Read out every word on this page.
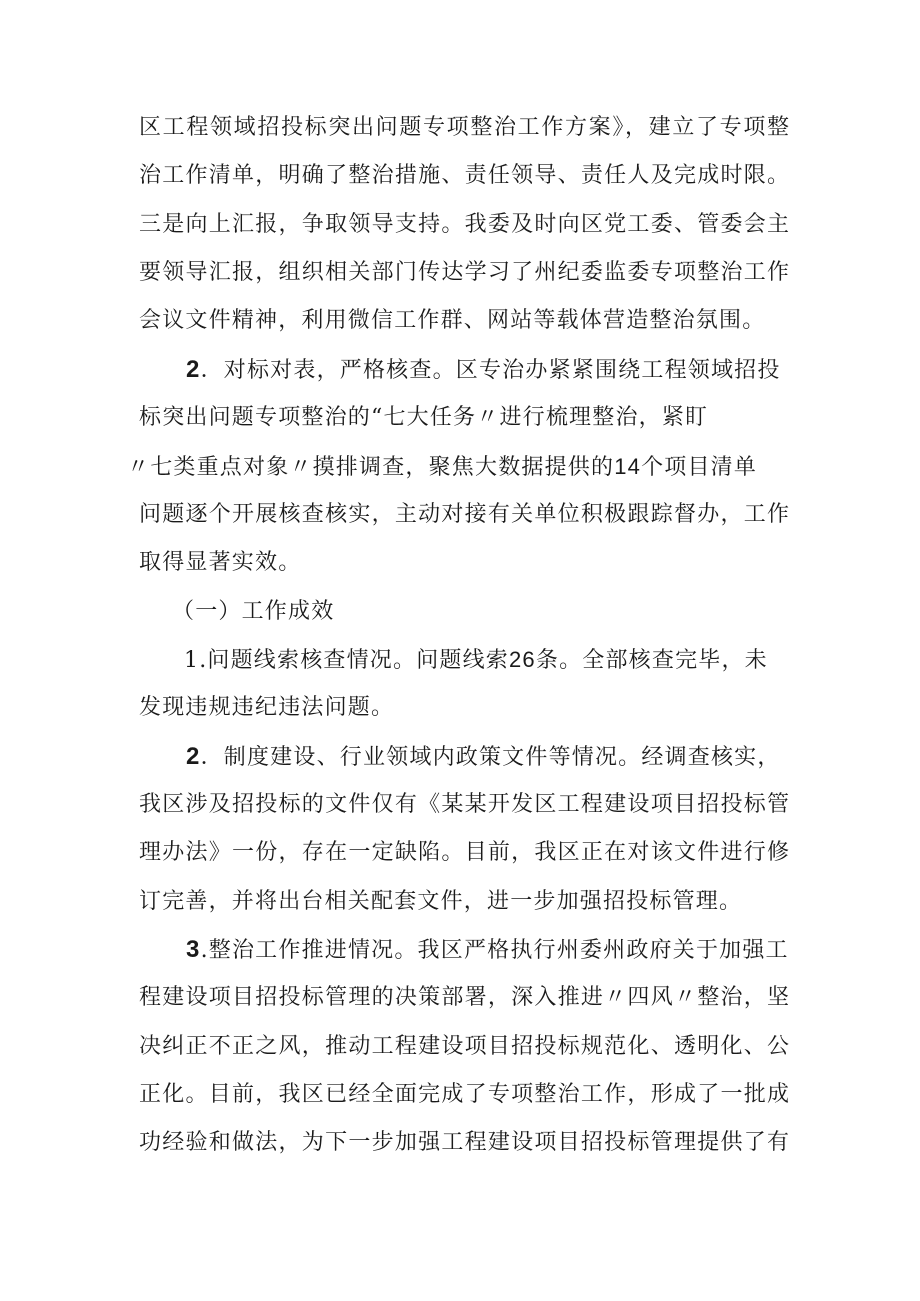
区工程领域招投标突出问题专项整治工作方案》，建立了专项整
治工作清单，明确了整治措施、责任领导、责任人及完成时限。
三是向上汇报，争取领导支持。我委及时向区党工委、管委会主
要领导汇报，组织相关部门传达学习了州纪委监委专项整治工作
会议文件精神，利用微信工作群、网站等载体营造整治氛围。
2．对标对表，严格核查。区专治办紧紧围绕工程领域招投
标突出问题专项整治的“七大任务〃进行梳理整治，紧盯
〃七类重点对象〃摸排调查，聚焦大数据提供的14个项目清单
问题逐个开展核查核实，主动对接有关单位积极跟踪督办，工作
取得显著实效。
（一）工作成效
1.问题线索核查情况。问题线索26条。全部核查完毕，未
发现违规违纪违法问题。
2．制度建设、行业领域内政策文件等情况。经调查核实，
我区涉及招投标的文件仅有《某某开发区工程建设项目招投标管
理办法》一份，存在一定缺陷。目前，我区正在对该文件进行修
订完善，并将出台相关配套文件，进一步加强招投标管理。
3.整治工作推进情况。我区严格执行州委州政府关于加强工
程建设项目招投标管理的决策部署，深入推进〃四风〃整治，坚
决纠正不正之风，推动工程建设项目招投标规范化、透明化、公
正化。目前，我区已经全面完成了专项整治工作，形成了一批成
功经验和做法，为下一步加强工程建设项目招投标管理提供了有
